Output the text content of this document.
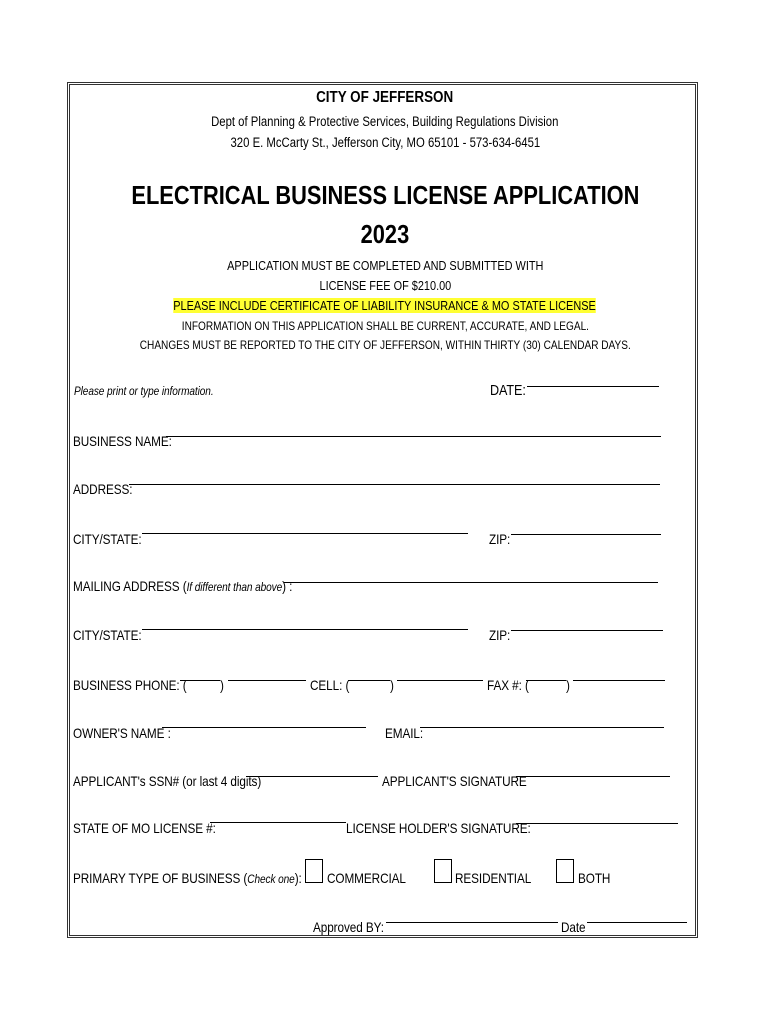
CITY OF JEFFERSON
Dept of Planning & Protective Services, Building Regulations Division
320 E. McCarty St., Jefferson City, MO 65101 - 573-634-6451
ELECTRICAL BUSINESS LICENSE APPLICATION
2023
APPLICATION MUST BE COMPLETED AND SUBMITTED WITH
LICENSE FEE OF $210.00
PLEASE INCLUDE CERTIFICATE OF LIABILITY INSURANCE & MO STATE LICENSE
INFORMATION ON THIS APPLICATION SHALL BE CURRENT, ACCURATE, AND LEGAL.
CHANGES MUST BE REPORTED TO THE CITY OF JEFFERSON, WITHIN THIRTY (30) CALENDAR DAYS.
Please print or type information.	DATE:
BUSINESS NAME:
ADDRESS:
CITY/STATE:	ZIP:
MAILING ADDRESS (If different than above) :
CITY/STATE:	ZIP:
BUSINESS PHONE: ( )	CELL: (	)	FAX #: (	)
OWNER'S NAME :	EMAIL:
APPLICANT's SSN# (or last 4 digits)	APPLICANT'S SIGNATURE
STATE OF MO LICENSE #:	LICENSE HOLDER'S SIGNATURE:
PRIMARY TYPE OF BUSINESS (Check one): COMMERCIAL	RESIDENTIAL	BOTH
Approved BY:	Date
